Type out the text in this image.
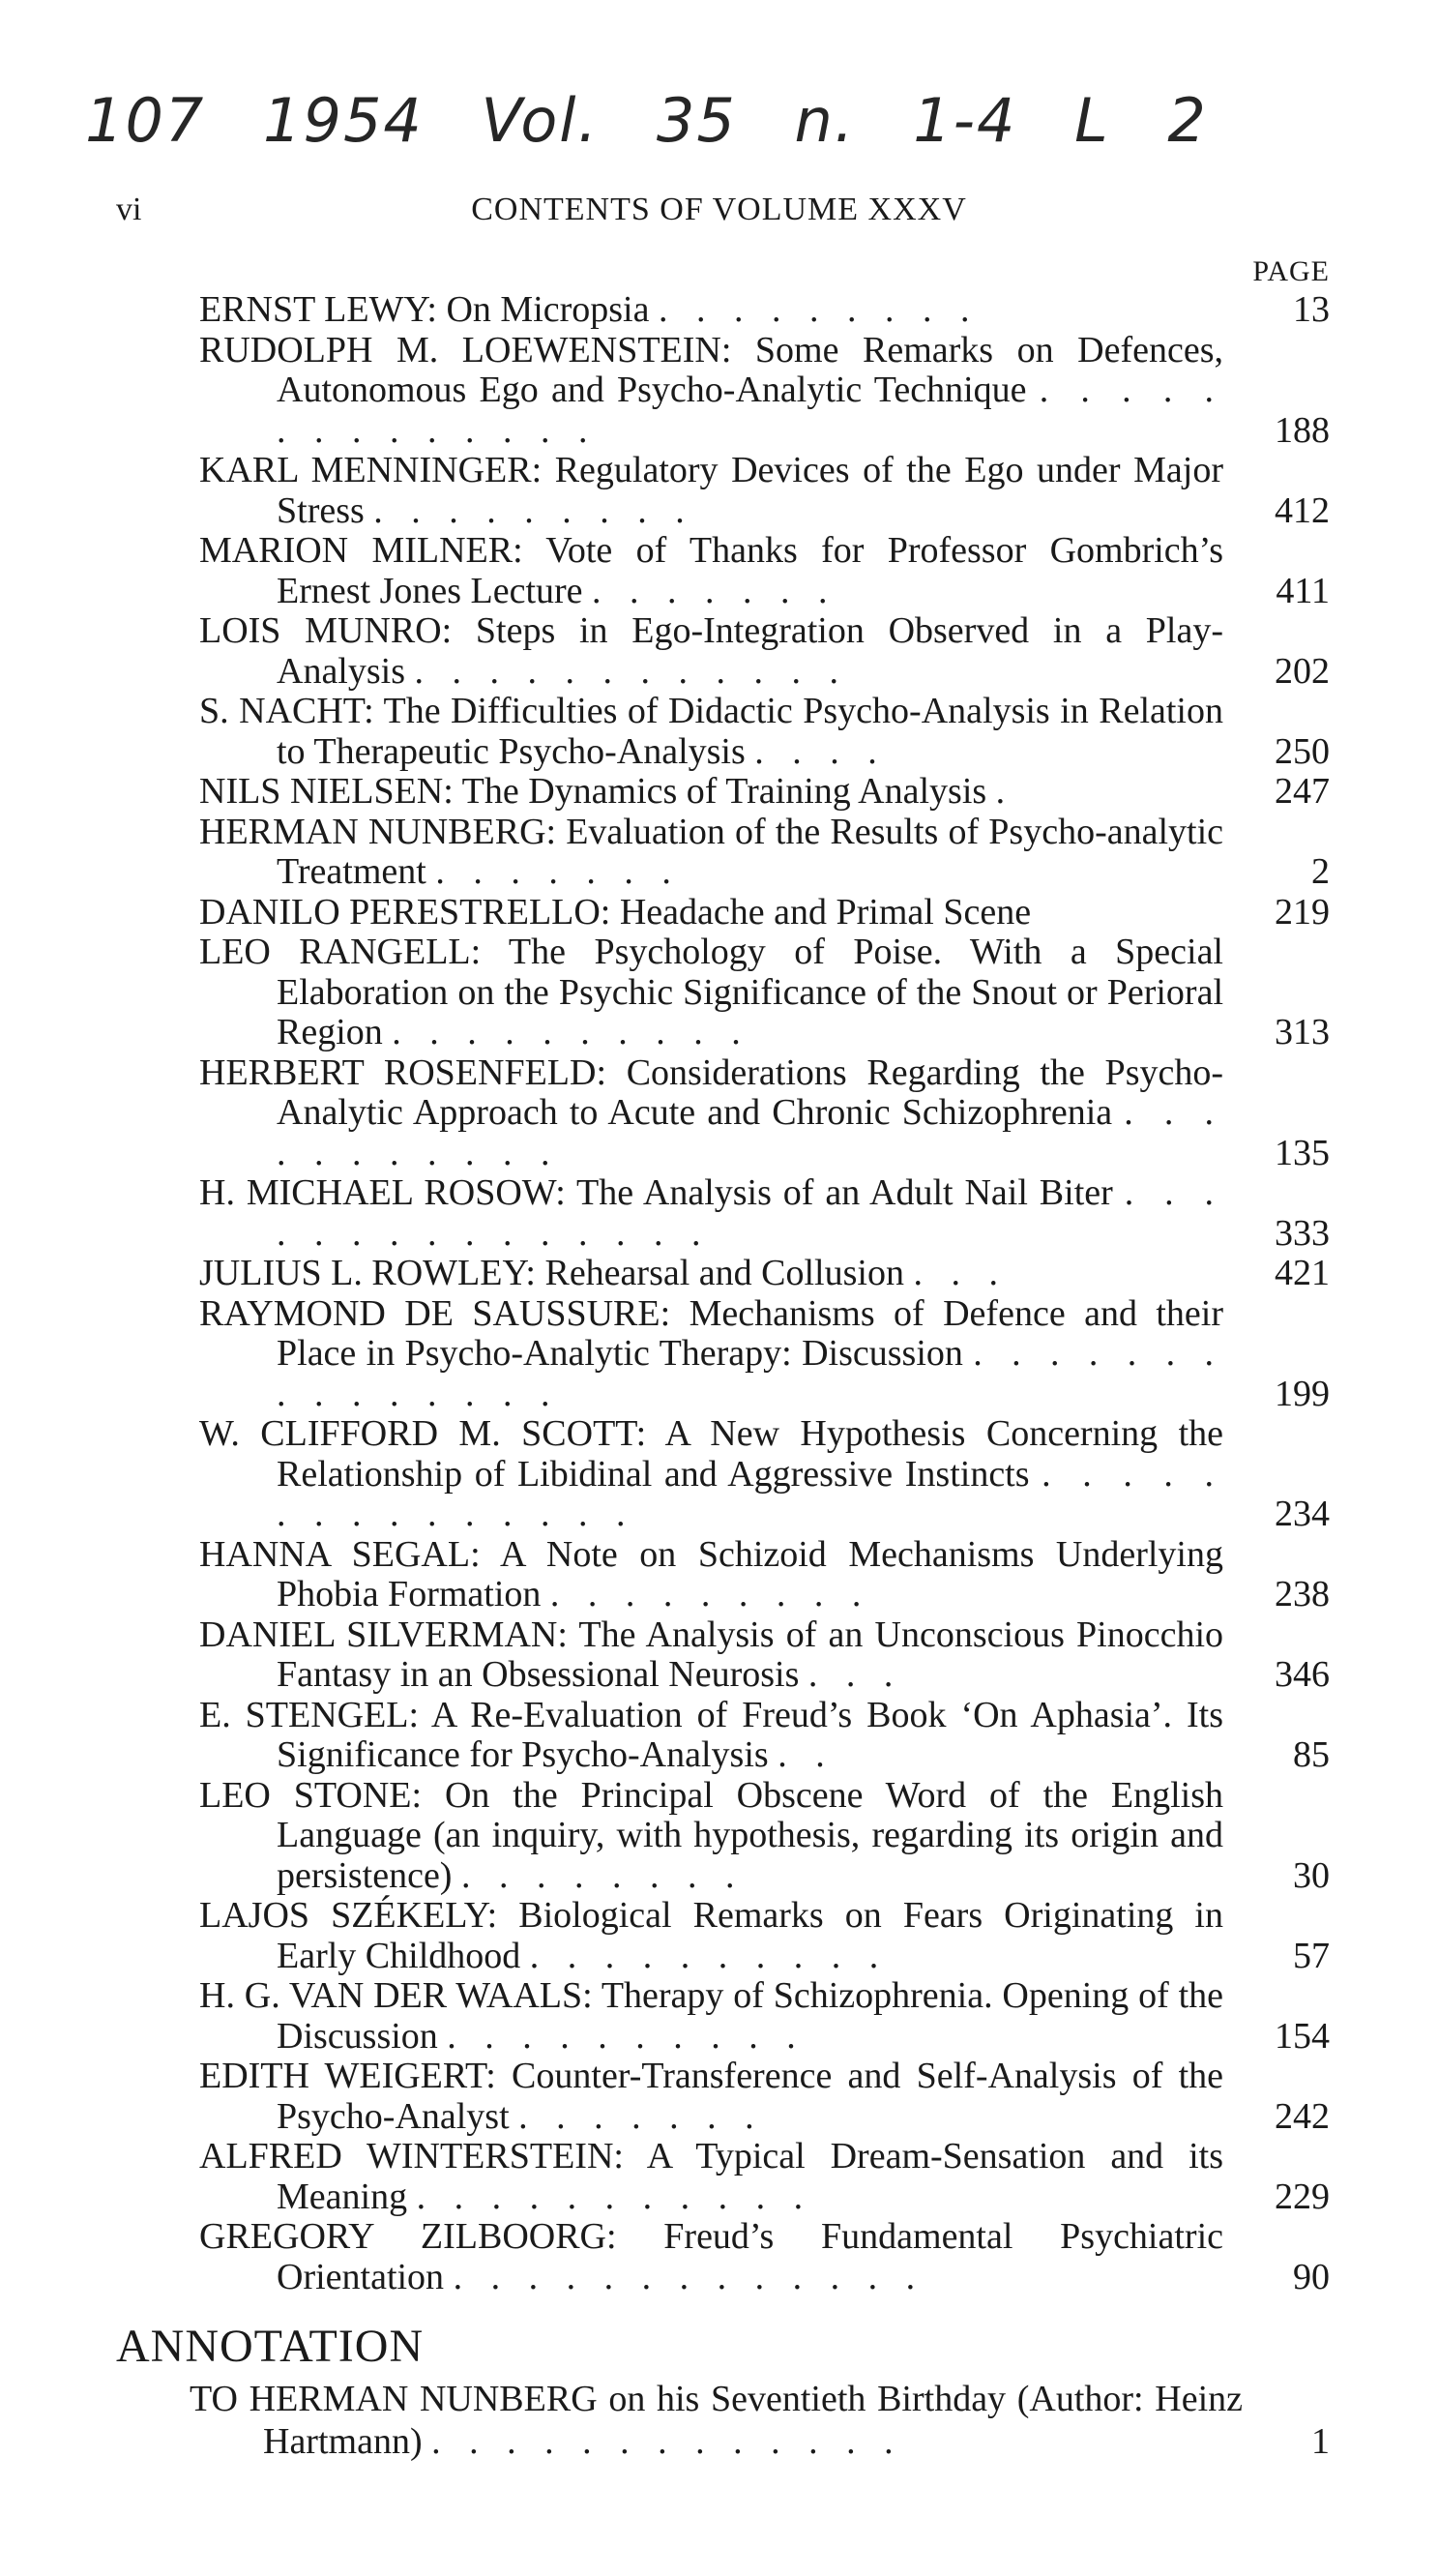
107 1954 Vol. 35 n. 1-4 L 2
vi	CONTENTS OF VOLUME XXXV
PAGE
ERNST LEWY: On Micropsia . . . . . . . . .	13
RUDOLPH M. LOEWENSTEIN: Some Remarks on Defences, Autonomous Ego and Psycho-Analytic Technique . . . . . . . . . . . . . .	188
KARL MENNINGER: Regulatory Devices of the Ego under Major Stress . . . . . . . . .	412
MARION MILNER: Vote of Thanks for Professor Gombrich’s Ernest Jones Lecture . . . . . . .	411
LOIS MUNRO: Steps in Ego-Integration Observed in a Play-Analysis . . . . . . . . . . . .	202
S. NACHT: The Difficulties of Didactic Psycho-Analysis in Relation to Therapeutic Psycho-Analysis . . . .	250
NILS NIELSEN: The Dynamics of Training Analysis .	247
HERMAN NUNBERG: Evaluation of the Results of Psycho-analytic Treatment . . . . . . .	2
DANILO PERESTRELLO: Headache and Primal Scene	219
LEO RANGELL: The Psychology of Poise. With a Special Elaboration on the Psychic Significance of the Snout or Perioral Region . . . . . . . . . .	313
HERBERT ROSENFELD: Considerations Regarding the Psycho-Analytic Approach to Acute and Chronic Schizophrenia . . . . . . . . . . .	135
H. MICHAEL ROSOW: The Analysis of an Adult Nail Biter . . . . . . . . . . . . . . .	333
JULIUS L. ROWLEY: Rehearsal and Collusion . . .	421
RAYMOND DE SAUSSURE: Mechanisms of Defence and their Place in Psycho-Analytic Therapy: Discussion . . . . . . . . . . . . . . .	199
W. CLIFFORD M. SCOTT: A New Hypothesis Concerning the Relationship of Libidinal and Aggressive Instincts . . . . . . . . . . . . . . .	234
HANNA SEGAL: A Note on Schizoid Mechanisms Underlying Phobia Formation . . . . . . . . .	238
DANIEL SILVERMAN: The Analysis of an Unconscious Pinocchio Fantasy in an Obsessional Neurosis . . .	346
E. STENGEL: A Re-Evaluation of Freud’s Book ‘On Aphasia’. Its Significance for Psycho-Analysis . .	85
LEO STONE: On the Principal Obscene Word of the English Language (an inquiry, with hypothesis, regarding its origin and persistence) . . . . . . . .	30
LAJOS SZÉKELY: Biological Remarks on Fears Originating in Early Childhood . . . . . . . . . .	57
H. G. VAN DER WAALS: Therapy of Schizophrenia. Opening of the Discussion . . . . . . . . . .	154
EDITH WEIGERT: Counter-Transference and Self-Analysis of the Psycho-Analyst . . . . . . .	242
ALFRED WINTERSTEIN: A Typical Dream-Sensation and its Meaning . . . . . . . . . . .	229
GREGORY ZILBOORG: Freud’s Fundamental Psychiatric Orientation . . . . . . . . . . . . .	90
ANNOTATION
TO HERMAN NUNBERG on his Seventieth Birthday (Author: Heinz Hartmann) . . . . . . . . . . . . .	1
